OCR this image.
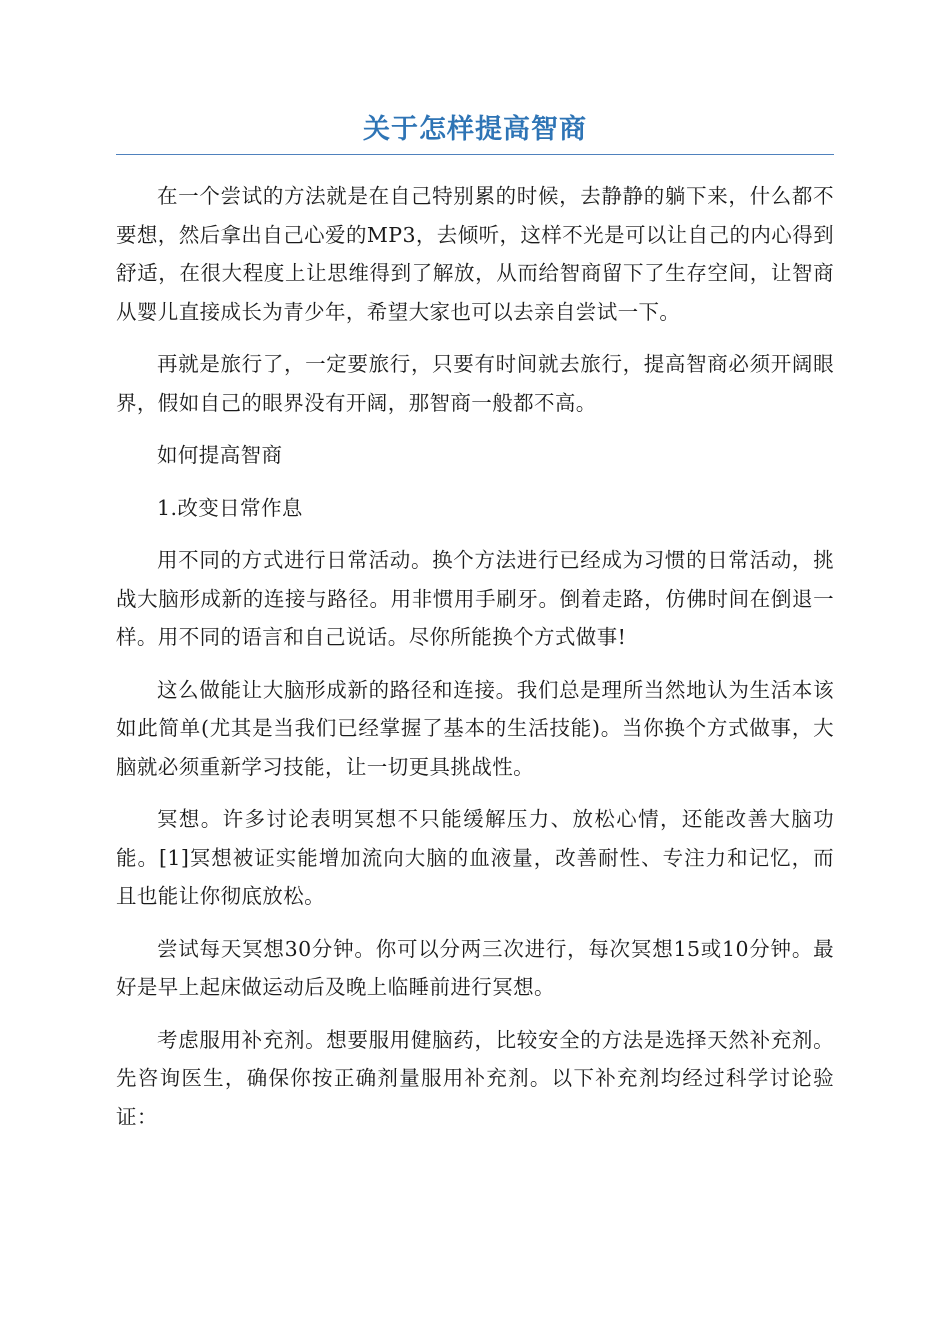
关于怎样提高智商

在一个尝试的方法就是在自己特别累的时候，去静静的躺下来，什么都不要想，然后拿出自己心爱的MP3，去倾听，这样不光是可以让自己的内心得到舒适，在很大程度上让思维得到了解放，从而给智商留下了生存空间，让智商从婴儿直接成长为青少年，希望大家也可以去亲自尝试一下。

再就是旅行了，一定要旅行，只要有时间就去旅行，提高智商必须开阔眼界，假如自己的眼界没有开阔，那智商一般都不高。

如何提高智商

1.改变日常作息

用不同的方式进行日常活动。换个方法进行已经成为习惯的日常活动，挑战大脑形成新的连接与路径。用非惯用手刷牙。倒着走路，仿佛时间在倒退一样。用不同的语言和自己说话。尽你所能换个方式做事!

这么做能让大脑形成新的路径和连接。我们总是理所当然地认为生活本该如此简单(尤其是当我们已经掌握了基本的生活技能)。当你换个方式做事，大脑就必须重新学习技能，让一切更具挑战性。

冥想。许多讨论表明冥想不只能缓解压力、放松心情，还能改善大脑功能。[1]冥想被证实能增加流向大脑的血液量，改善耐性、专注力和记忆，而且也能让你彻底放松。

尝试每天冥想30分钟。你可以分两三次进行，每次冥想15或10分钟。最好是早上起床做运动后及晚上临睡前进行冥想。

考虑服用补充剂。想要服用健脑药，比较安全的方法是选择天然补充剂。先咨询医生，确保你按正确剂量服用补充剂。以下补充剂均经过科学讨论验证：
